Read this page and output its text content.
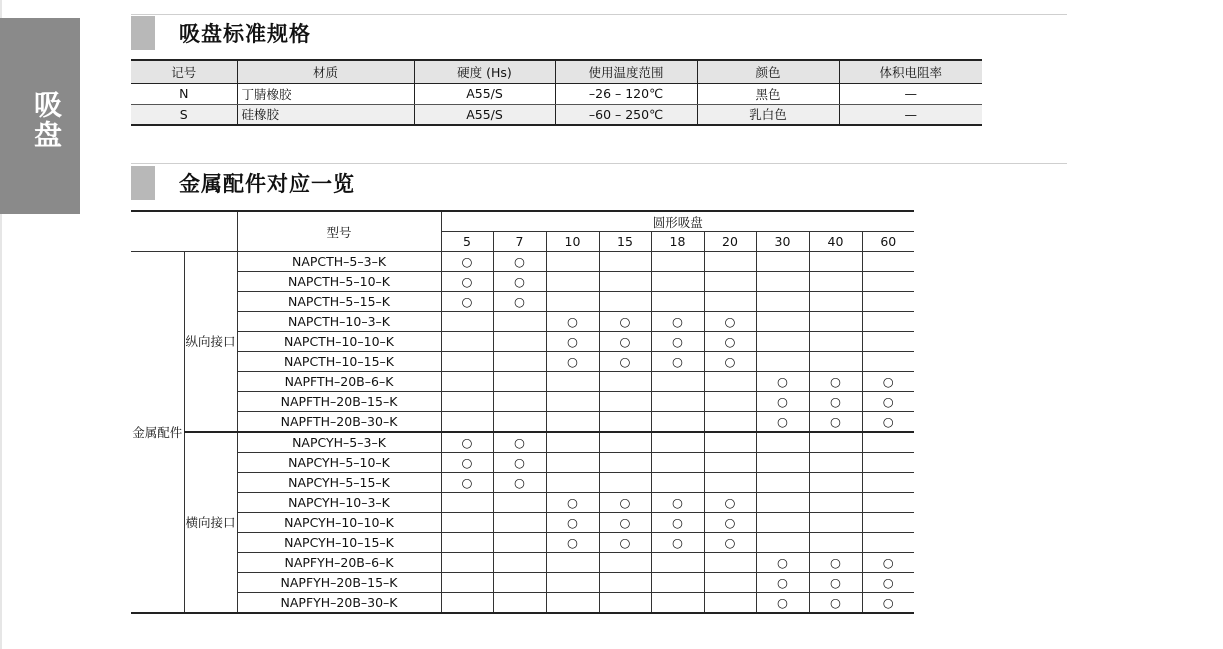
吸盘
吸盘标准规格
记号	材质	硬度 (Hs)	使用温度范围	颜色	体积电阻率
N	丁腈橡胶	A55/S	–26 – 120℃	黑色	—
S	硅橡胶	A55/S	–60 – 250℃	乳白色	—
金属配件对应一览
		型号	圆形吸盘								
			5	7	10	15	18	20	30	40	60
金属配件	纵向接口	NAPCTH–5–3–K	○	○							
		NAPCTH–5–10–K	○	○							
		NAPCTH–5–15–K	○	○							
		NAPCTH–10–3–K			○	○	○	○			
		NAPCTH–10–10–K			○	○	○	○			
		NAPCTH–10–15–K			○	○	○	○			
		NAPFTH–20B–6–K							○	○	○
		NAPFTH–20B–15–K							○	○	○
		NAPFTH–20B–30–K							○	○	○
	横向接口	NAPCYH–5–3–K	○	○							
		NAPCYH–5–10–K	○	○							
		NAPCYH–5–15–K	○	○							
		NAPCYH–10–3–K			○	○	○	○			
		NAPCYH–10–10–K			○	○	○	○			
		NAPCYH–10–15–K			○	○	○	○			
		NAPFYH–20B–6–K							○	○	○
		NAPFYH–20B–15–K							○	○	○
		NAPFYH–20B–30–K							○	○	○
